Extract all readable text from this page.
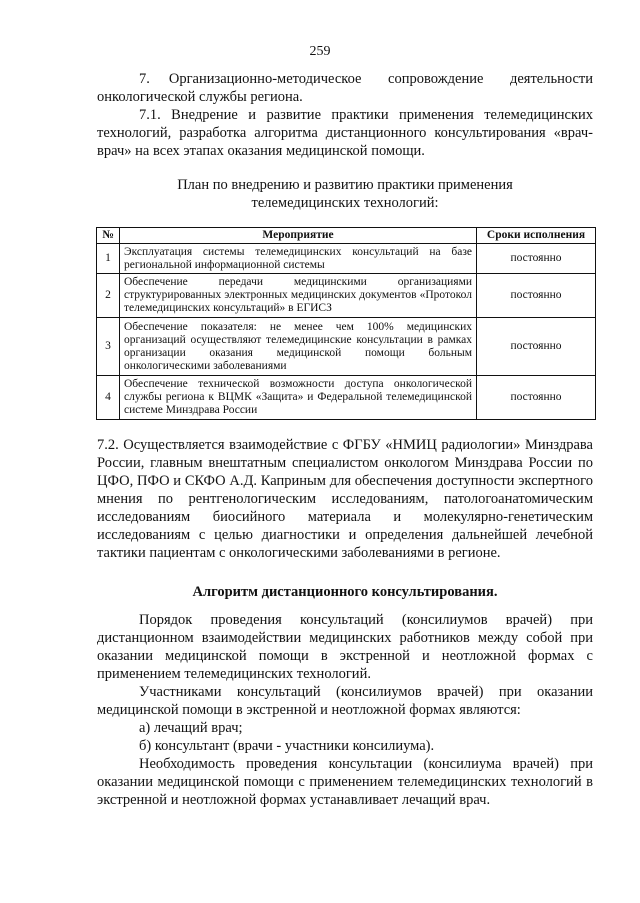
259

7.     Организационно-методическое       сопровождение       деятельности онкологической службы региона.

7.1. Внедрение и развитие практики применения телемедицинских технологий, разработка алгоритма дистанционного консультирования «врач-врач» на всех этапах оказания медицинской помощи.

План по внедрению и развитию практики применения
телемедицинских технологий:
№	Мероприятие	Сроки исполнения
1	Эксплуатация системы телемедицинских консультаций на базе региональной информационной системы	постоянно
2	Обеспечение передачи медицинскими организациями структурированных электронных медицинских документов «Протокол телемедицинских консультаций» в ЕГИСЗ	постоянно
3	Обеспечение показателя: не менее чем 100% медицинских организаций осуществляют телемедицинские консультации в рамках организации оказания медицинской помощи больным онкологическими заболеваниями	постоянно
4	Обеспечение технической возможности доступа онкологической службы региона к ВЦМК «Защита» и Федеральной телемедицинской системе Минздрава России	постоянно

7.2. Осуществляется взаимодействие с ФГБУ «НМИЦ радиологии» Минздрава России, главным внештатным специалистом онкологом Минздрава России по ЦФО, ПФО и СКФО А.Д. Каприным для обеспечения доступности экспертного мнения по рентгенологическим исследованиям, патологоанатомическим исследованиям биосийного материала и молекулярно-генетическим исследованиям с целью диагностики и определения дальнейшей лечебной тактики пациентам с онкологическими заболеваниями в регионе.

Алгоритм дистанционного консультирования.

Порядок проведения консультаций (консилиумов врачей) при дистанционном взаимодействии медицинских работников между собой при оказании медицинской помощи в экстренной и неотложной формах с применением телемедицинских технологий.

Участниками консультаций (консилиумов врачей) при оказании медицинской помощи в экстренной и неотложной формах являются:

а) лечащий врач;

б) консультант (врачи - участники консилиума).

Необходимость проведения консультации (консилиума врачей) при оказании медицинской помощи с применением телемедицинских технологий в экстренной и неотложной формах устанавливает лечащий врач.
